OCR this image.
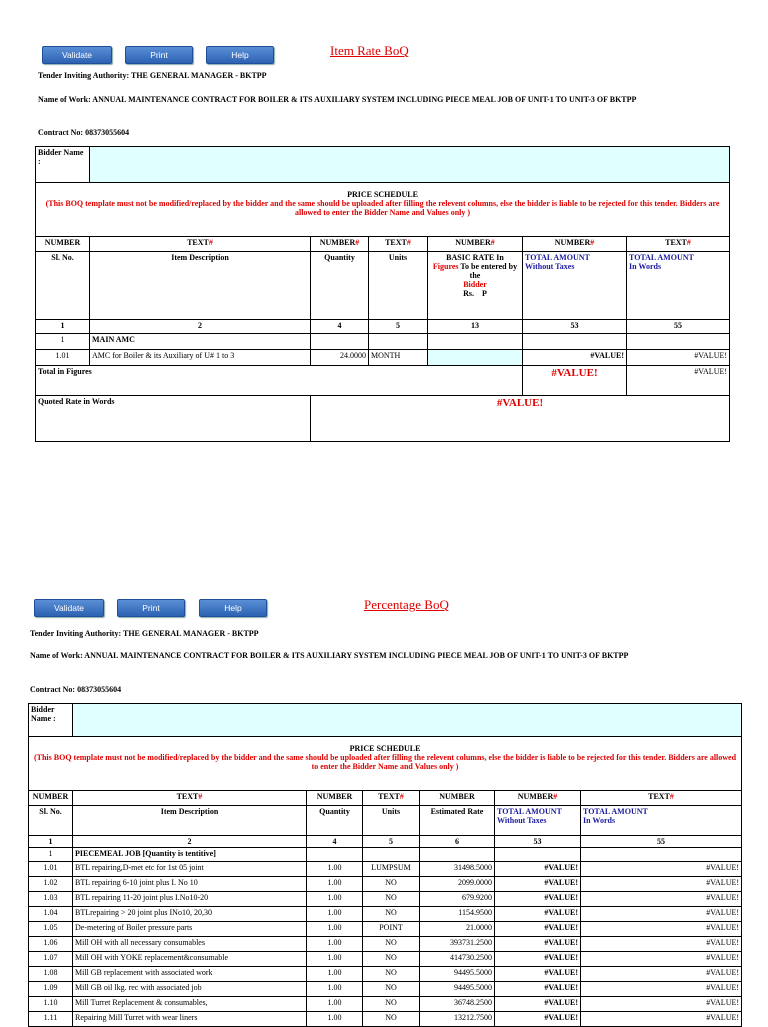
Validate	Print	Help	Item Rate BoQ
Tender Inviting Authority: THE GENERAL MANAGER - BKTPP
Name of Work: ANNUAL MAINTENANCE CONTRACT FOR BOILER & ITS AUXILIARY SYSTEM INCLUDING PIECE MEAL JOB OF UNIT-1 TO UNIT-3 OF BKTPP
Contract No: 08373055604
Bidder Name :						

PRICE SCHEDULE
(This BOQ template must not be modified/replaced by the bidder and the same should be uploaded after filling the relevent columns, else the bidder is liable to be rejected for this tender. Bidders are allowed to enter the Bidder Name and Values only )						

NUMBER	TEXT#	NUMBER#	TEXT#	NUMBER#	NUMBER#	TEXT#
Sl. No.	Item Description	Quantity	Units	BASIC RATE In
Figures To be entered by the
Bidder
Rs. P	TOTAL AMOUNT
Without Taxes	TOTAL AMOUNT
In Words
1	2	4	5	13	53	55
1	MAIN AMC					
1.01	AMC for Boiler & its Auxiliary of U# 1 to 3	24.0000	MONTH		#VALUE!	#VALUE!
Total in Figures					#VALUE!	#VALUE!
Quoted Rate in Words		#VALUE!				
Validate	Print	Help	Percentage BoQ
Tender Inviting Authority: THE GENERAL MANAGER - BKTPP
Name of Work: ANNUAL MAINTENANCE CONTRACT FOR BOILER & ITS AUXILIARY SYSTEM INCLUDING PIECE MEAL JOB OF UNIT-1 TO UNIT-3 OF BKTPP
Contract No: 08373055604
Bidder Name :						

PRICE SCHEDULE
(This BOQ template must not be modified/replaced by the bidder and the same should be uploaded after filling the relevent columns, else the bidder is liable to be rejected for this tender. Bidders are allowed to enter the Bidder Name and Values only )						

NUMBER	TEXT#	NUMBER	TEXT#	NUMBER	NUMBER#	TEXT#
Sl. No.	Item Description	Quantity	Units	Estimated Rate	TOTAL AMOUNT
Without Taxes	TOTAL AMOUNT
In Words
1	2	4	5	6	53	55
1	PIECEMEAL JOB [Quantity is tentitive]					
1.01	BTL repairing,D-met etc for 1st 05 joint	1.00	LUMPSUM	31498.5000	#VALUE!	#VALUE!
1.02	BTL repairing 6-10 joint plus I. No 10	1.00	NO	2099.0000	#VALUE!	#VALUE!
1.03	BTL repairing 11-20 joint plus I.No10-20	1.00	NO	679.9200	#VALUE!	#VALUE!
1.04	BTLrepairing > 20 joint plus INo10, 20,30	1.00	NO	1154.9500	#VALUE!	#VALUE!
1.05	De-metering of Boiler pressure parts	1.00	POINT	21.0000	#VALUE!	#VALUE!
1.06	Mill OH with all necessary consumables	1.00	NO	393731.2500	#VALUE!	#VALUE!
1.07	Mill OH with YOKE replacement&consumable	1.00	NO	414730.2500	#VALUE!	#VALUE!
1.08	Mill GB replacement with associated work	1.00	NO	94495.5000	#VALUE!	#VALUE!
1.09	Mill GB oil lkg. rec with associated job	1.00	NO	94495.5000	#VALUE!	#VALUE!
1.10	Mill Turret Replacement & consumables,	1.00	NO	36748.2500	#VALUE!	#VALUE!
1.11	Repairing Mill Turret with wear liners	1.00	NO	13212.7500	#VALUE!	#VALUE!
